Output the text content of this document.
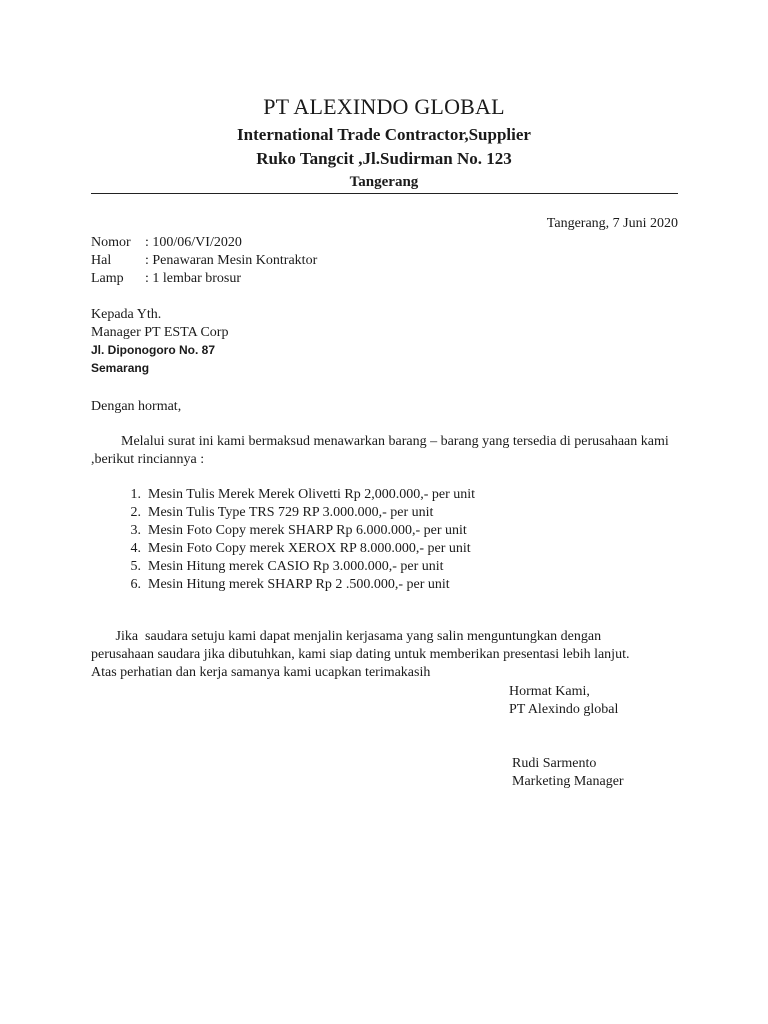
PT ALEXINDO GLOBAL
International Trade Contractor,Supplier
Ruko Tangcit ,Jl.Sudirman No. 123
Tangerang
Tangerang, 7 Juni 2020
Nomor : 100/06/VI/2020
Hal : Penawaran Mesin Kontraktor
Lamp : 1 lembar brosur
Kepada Yth.
Manager PT ESTA Corp
Jl. Diponogoro No. 87
Semarang
Dengan hormat,
Melalui surat ini kami bermaksud menawarkan barang – barang yang tersedia di perusahaan kami ,berikut rinciannya :
1. Mesin Tulis Merek Merek Olivetti Rp 2,000.000,- per unit
2. Mesin Tulis Type TRS 729 RP 3.000.000,- per unit
3. Mesin Foto Copy merek SHARP Rp 6.000.000,- per unit
4. Mesin Foto Copy merek XEROX RP 8.000.000,- per unit
5. Mesin Hitung merek CASIO Rp 3.000.000,- per unit
6. Mesin Hitung merek SHARP Rp 2 .500.000,- per unit
Jika  saudara setuju kami dapat menjalin kerjasama yang salin menguntungkan dengan
perusahaan saudara jika dibutuhkan, kami siap dating untuk memberikan presentasi lebih lanjut.
Atas perhatian dan kerja samanya kami ucapkan terimakasih
Hormat Kami,
PT Alexindo global
Rudi Sarmento
Marketing Manager
